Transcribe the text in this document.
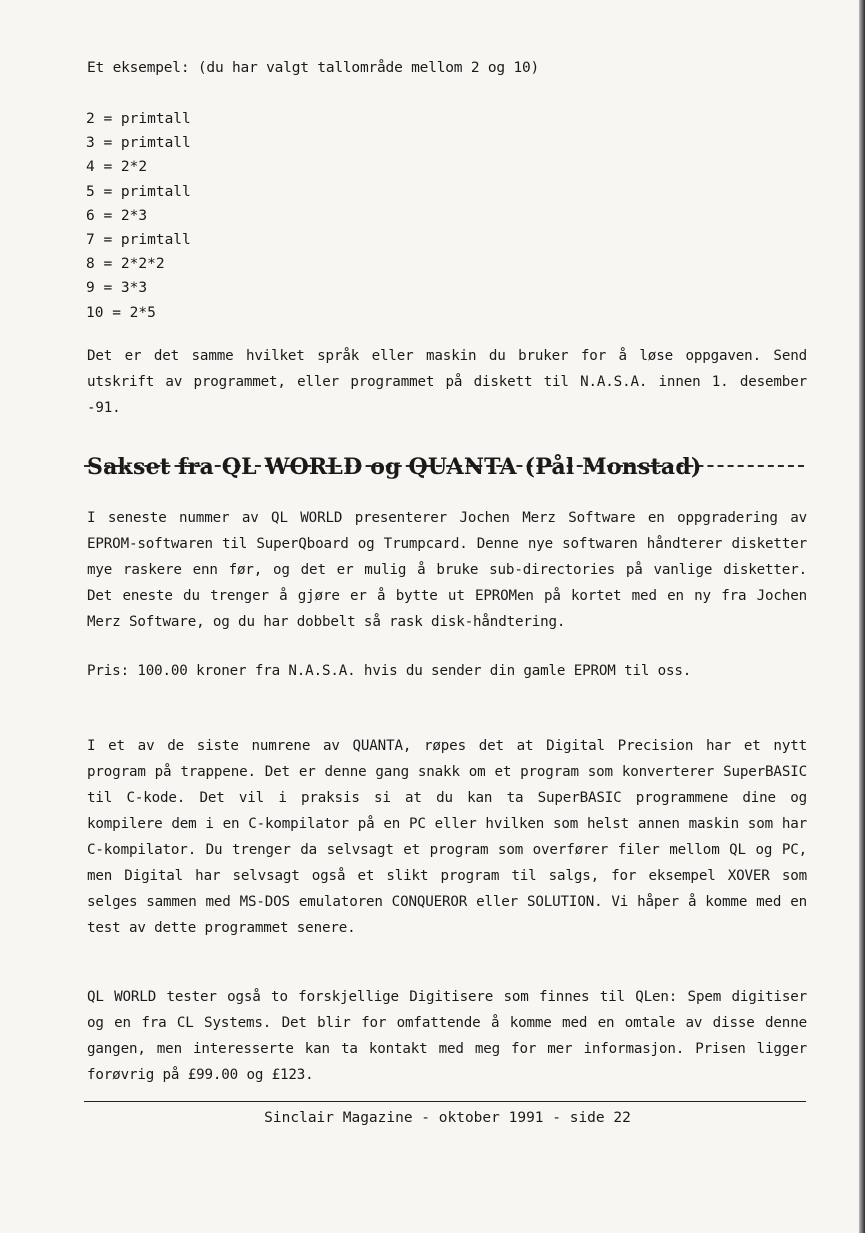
Et eksempel: (du har valgt tallområde mellom 2 og 10)
2 = primtall
3 = primtall
4 = 2*2
5 = primtall
6 = 2*3
7 = primtall
8 = 2*2*2
9 = 3*3
10 = 2*5

Det er det samme hvilket språk eller maskin du bruker for å løse oppgaven. Send utskrift av programmet, eller programmet på diskett til N.A.S.A. innen 1. desember -91.

Sakset fra QL WORLD og QUANTA (Pål Monstad)

I seneste nummer av QL WORLD presenterer Jochen Merz Software en oppgradering av EPROM-softwaren til SuperQboard og Trumpcard. Denne nye softwaren håndterer disketter mye raskere enn før, og det er mulig å bruke sub-directories på vanlige disketter. Det eneste du trenger å gjøre er å bytte ut EPROMen på kortet med en ny fra Jochen Merz Software, og du har dobbelt så rask disk-håndtering.

Pris: 100.00 kroner fra N.A.S.A. hvis du sender din gamle EPROM til oss.

I et av de siste numrene av QUANTA, røpes det at Digital Precision har et nytt program på trappene. Det er denne gang snakk om et program som konverterer SuperBASIC til C-kode. Det vil i praksis si at du kan ta SuperBASIC programmene dine og kompilere dem i en C-kompilator på en PC eller hvilken som helst annen maskin som har C-kompilator. Du trenger da selvsagt et program som overfører filer mellom QL og PC, men Digital har selvsagt også et slikt program til salgs, for eksempel XOVER som selges sammen med MS-DOS emulatoren CONQUEROR eller SOLUTION. Vi håper å komme med en test av dette programmet senere.

QL WORLD tester også to forskjellige Digitisere som finnes til QLen: Spem digitiser og en fra CL Systems. Det blir for omfattende å komme med en omtale av disse denne gangen, men interesserte kan ta kontakt med meg for mer informasjon. Prisen ligger forøvrig på £99.00 og £123.

Sinclair Magazine - oktober 1991 - side 22
